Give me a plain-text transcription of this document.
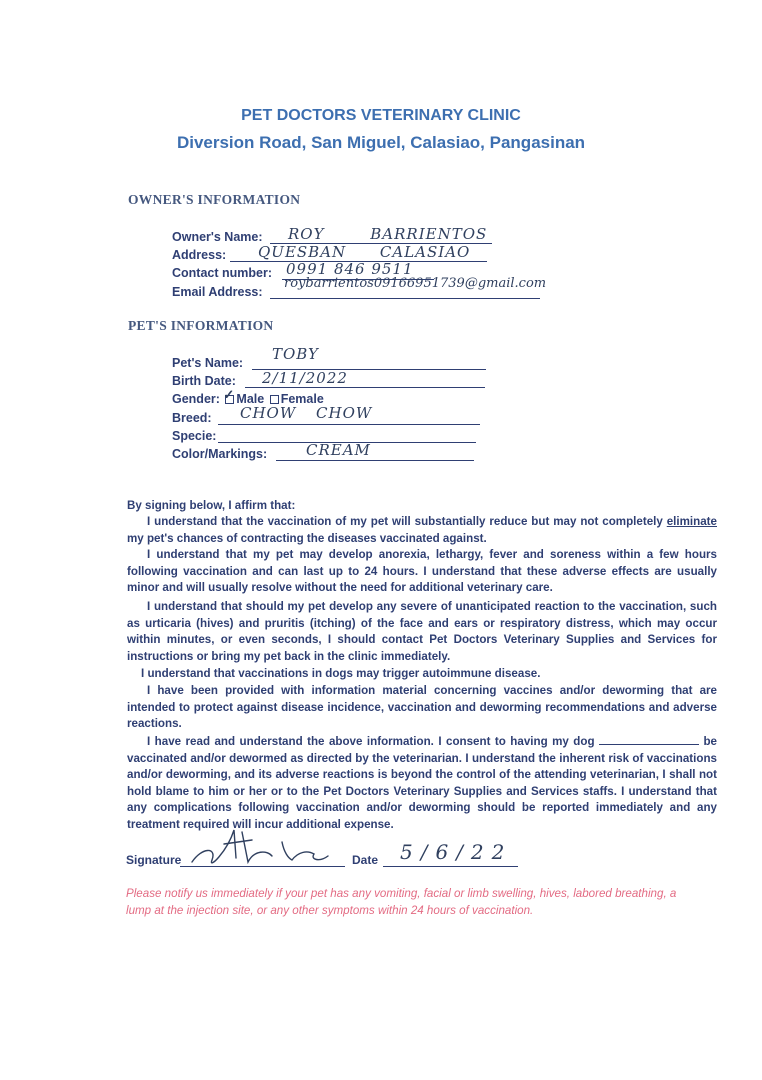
PET DOCTORS VETERINARY CLINIC
Diversion Road, San Miguel, Calasiao, Pangasinan
OWNER'S INFORMATION
Owner's Name: ROY BARRIENTOS
Address: QUESBAN CALASIAO
Contact number: 0991 846 9511
Email Address:
roybarrientos09166951739@gmail.com
PET'S INFORMATION
Pet's Name: TOBY
Birth Date: 2/11/2022
Gender: ✓ Male Female
Breed: CHOW CHOW
Specie:
Color/Markings:	CREAM
By signing below, I affirm that:
I understand that the vaccination of my pet will substantially reduce but may not completely eliminate my pet's chances of contracting the diseases vaccinated against.
I understand that my pet may develop anorexia, lethargy, fever and soreness within a few hours following vaccination and can last up to 24 hours. I understand that these adverse effects are usually minor and will usually resolve without the need for additional veterinary care.
I understand that should my pet develop any severe of unanticipated reaction to the vaccination, such as urticaria (hives) and pruritis (itching) of the face and ears or respiratory distress, which may occur within minutes, or even seconds, I should contact Pet Doctors Veterinary Supplies and Services for instructions or bring my pet back in the clinic immediately.
I understand that vaccinations in dogs may trigger autoimmune disease.
I have been provided with information material concerning vaccines and/or deworming that are intended to protect against disease incidence, vaccination and deworming recommendations and adverse reactions.
I have read and understand the above information. I consent to having my dog	be vaccinated and/or dewormed as directed by the veterinarian. I understand the inherent risk of vaccinations and/or deworming, and its adverse reactions is beyond the control of the attending veterinarian, I shall not hold blame to him or her or to the Pet Doctors Veterinary Supplies and Services staffs. I understand that any complications following vaccination and/or deworming should be reported immediately and any treatment required will incur additional expense.
Signature	Date 5/6/22
Please notify us immediately if your pet has any vomiting, facial or limb swelling, hives, labored breathing, a lump at the injection site, or any other symptoms within 24 hours of vaccination.
